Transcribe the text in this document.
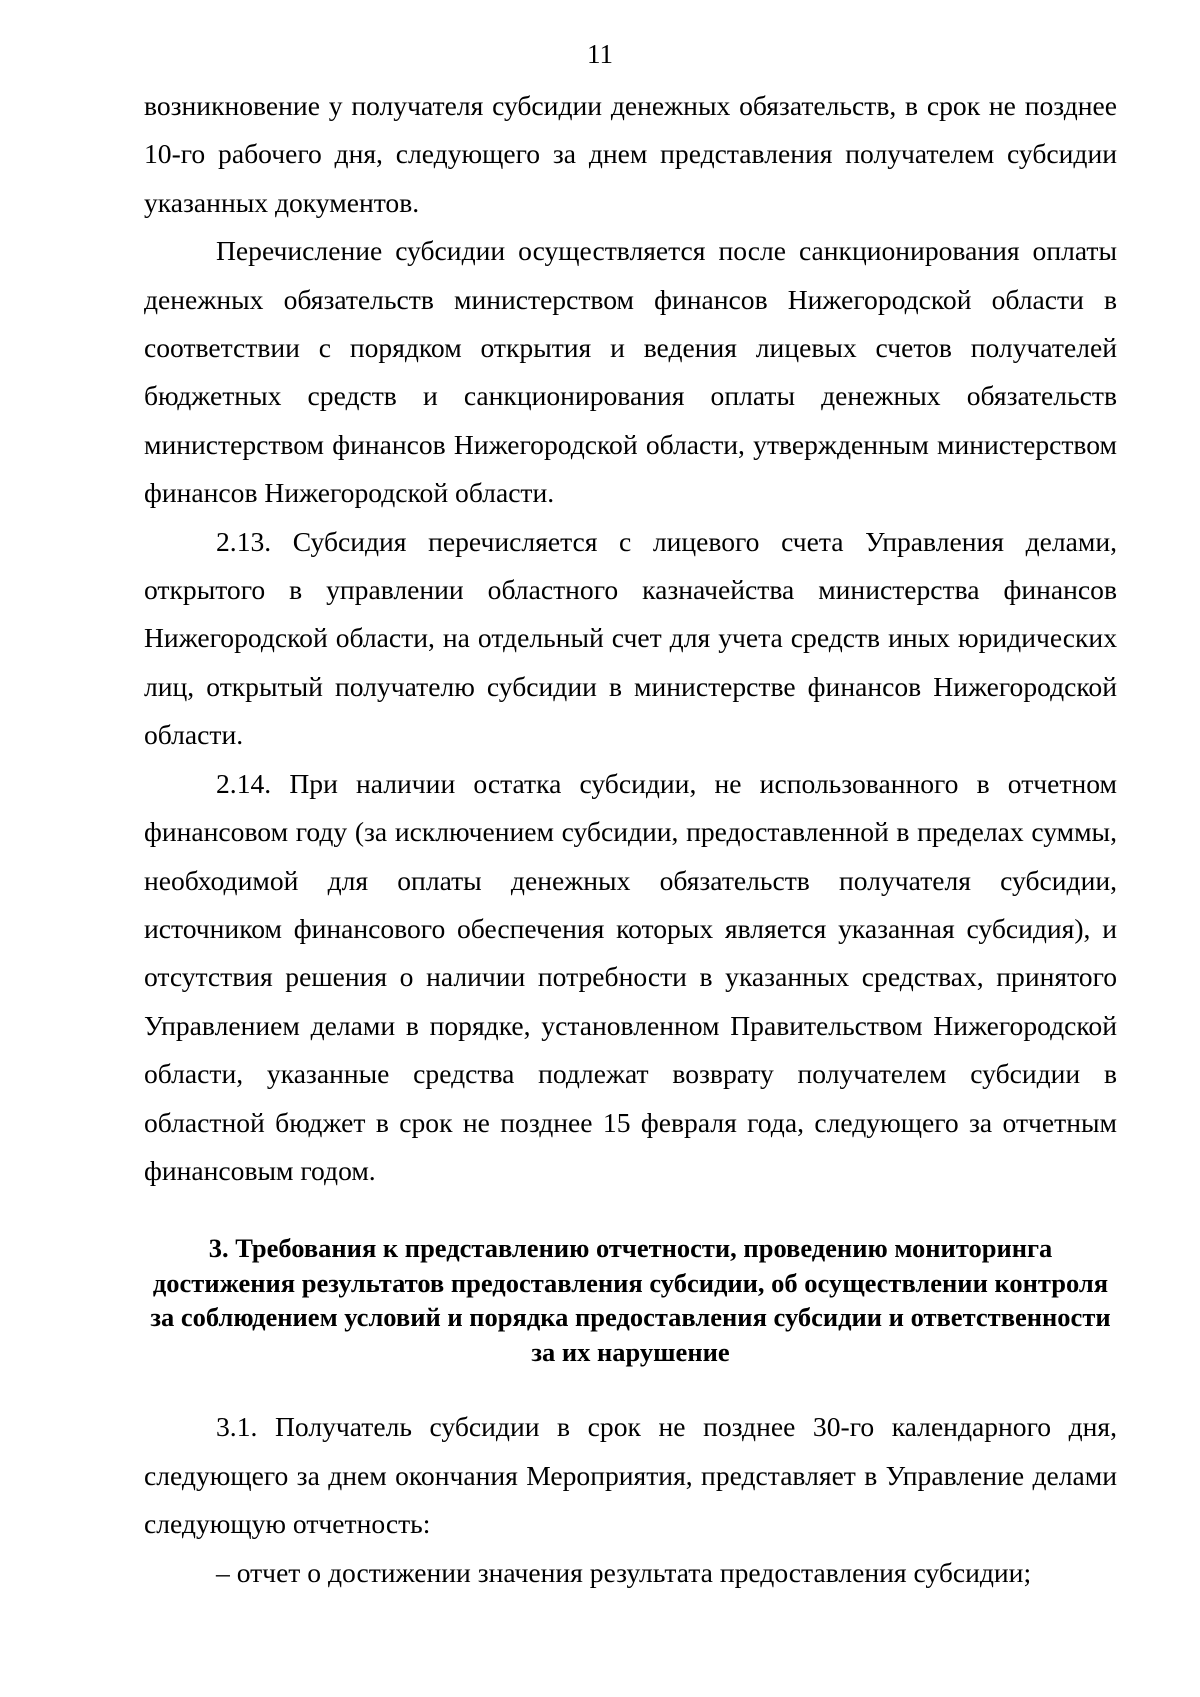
11

возникновение у получателя субсидии денежных обязательств, в срок не позднее 10-го рабочего дня, следующего за днем представления получателем субсидии указанных документов.

Перечисление субсидии осуществляется после санкционирования оплаты денежных обязательств министерством финансов Нижегородской области в соответствии с порядком открытия и ведения лицевых счетов получателей бюджетных средств и санкционирования оплаты денежных обязательств министерством финансов Нижегородской области, утвержденным министерством финансов Нижегородской области.

2.13. Субсидия перечисляется с лицевого счета Управления делами, открытого в управлении областного казначейства министерства финансов Нижегородской области, на отдельный счет для учета средств иных юридических лиц, открытый получателю субсидии в министерстве финансов Нижегородской области.

2.14. При наличии остатка субсидии, не использованного в отчетном финансовом году (за исключением субсидии, предоставленной в пределах суммы, необходимой для оплаты денежных обязательств получателя субсидии, источником финансового обеспечения которых является указанная субсидия), и отсутствия решения о наличии потребности в указанных средствах, принятого Управлением делами в порядке, установленном Правительством Нижегородской области, указанные средства подлежат возврату получателем субсидии в областной бюджет в срок не позднее 15 февраля года, следующего за отчетным финансовым годом.

3. Требования к представлению отчетности, проведению мониторинга достижения результатов предоставления субсидии, об осуществлении контроля за соблюдением условий и порядка предоставления субсидии и ответственности за их нарушение

3.1. Получатель субсидии в срок не позднее 30-го календарного дня, следующего за днем окончания Мероприятия, представляет в Управление делами следующую отчетность:

– отчет о достижении значения результата предоставления субсидии;
